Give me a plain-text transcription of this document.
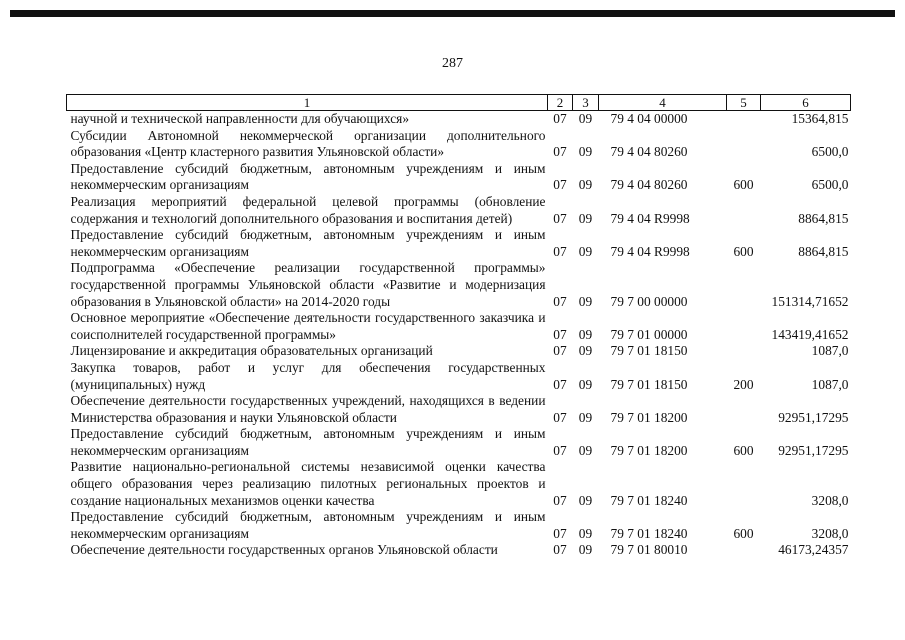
287
1	2	3	4	5	6
научной и технической направленности для обучающихся»	07	09	79 4 04 00000		15364,815
Субсидии Автономной некоммерческой организации дополнительного образования «Центр кластерного развития Ульяновской области»	07	09	79 4 04 80260		6500,0
Предоставление субсидий бюджетным, автономным учреждениям и иным некоммерческим организациям	07	09	79 4 04 80260	600	6500,0
Реализация мероприятий федеральной целевой программы (обновление содержания и технологий дополнительного образования и воспитания детей)	07	09	79 4 04 R9998		8864,815
Предоставление субсидий бюджетным, автономным учреждениям и иным некоммерческим организациям	07	09	79 4 04 R9998	600	8864,815
Подпрограмма «Обеспечение реализации государственной программы» государственной программы Ульяновской области «Развитие и модернизация образования в Ульяновской области» на 2014-2020 годы	07	09	79 7 00 00000		151314,71652
Основное мероприятие «Обеспечение деятельности государственного заказчика и соисполнителей государственной программы»	07	09	79 7 01 00000		143419,41652
Лицензирование и аккредитация образовательных организаций	07	09	79 7 01 18150		1087,0
Закупка товаров, работ и услуг для обеспечения государственных (муниципальных) нужд	07	09	79 7 01 18150	200	1087,0
Обеспечение деятельности государственных учреждений, находящихся в ведении Министерства образования и науки Ульяновской области	07	09	79 7 01 18200		92951,17295
Предоставление субсидий бюджетным, автономным учреждениям и иным некоммерческим организациям	07	09	79 7 01 18200	600	92951,17295
Развитие национально-региональной системы независимой оценки качества общего образования через реализацию пилотных региональных проектов и создание национальных механизмов оценки качества	07	09	79 7 01 18240		3208,0
Предоставление субсидий бюджетным, автономным учреждениям и иным некоммерческим организациям	07	09	79 7 01 18240	600	3208,0
Обеспечение деятельности государственных органов Ульяновской области	07	09	79 7 01 80010		46173,24357
